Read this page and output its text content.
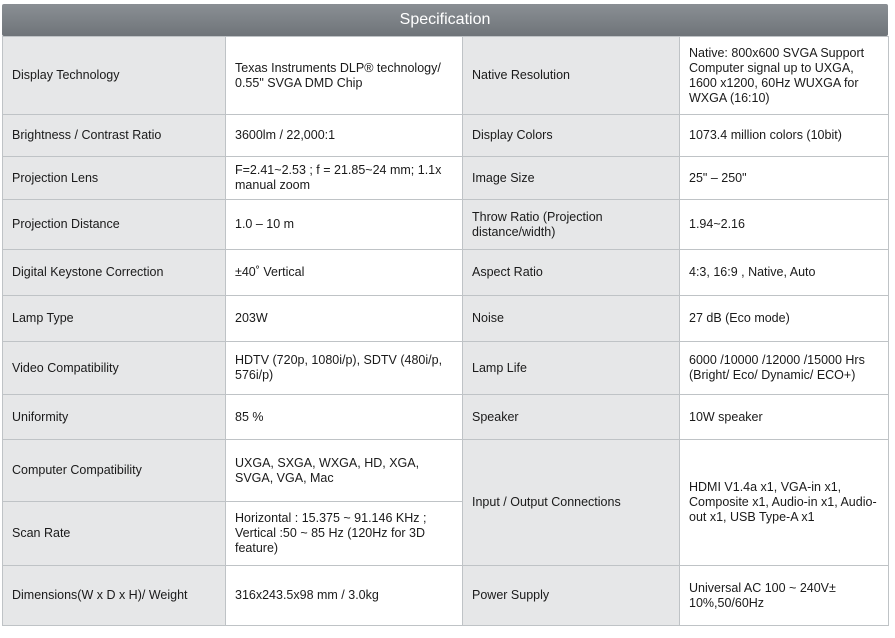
Specification
Display Technology	Texas Instruments DLP® technology/ 0.55" SVGA DMD Chip	Native Resolution	Native: 800x600 SVGA Support Computer signal up to UXGA, 1600 x1200, 60Hz WUXGA for WXGA (16:10)
Brightness / Contrast Ratio	3600lm / 22,000:1	Display Colors	1073.4 million colors (10bit)
Projection Lens	F=2.41~2.53 ; f = 21.85~24 mm; 1.1x manual zoom	Image Size	25" – 250"
Projection Distance	1.0 – 10 m	Throw Ratio (Projection distance/width)	1.94~2.16
Digital Keystone Correction	±40˚ Vertical	Aspect Ratio	4:3, 16:9 , Native, Auto
Lamp Type	203W	Noise	27 dB (Eco mode)
Video Compatibility	HDTV (720p, 1080i/p), SDTV (480i/p, 576i/p)	Lamp Life	6000 /10000 /12000 /15000 Hrs (Bright/ Eco/ Dynamic/ ECO+)
Uniformity	85 %	Speaker	10W speaker
Computer Compatibility	UXGA, SXGA, WXGA, HD, XGA, SVGA, VGA, Mac	Input / Output Connections	HDMI V1.4a x1, VGA-in x1, Composite x1, Audio-in x1, Audio-out x1, USB Type-A x1
Scan Rate	Horizontal : 15.375 ~ 91.146 KHz ; Vertical :50 ~ 85 Hz (120Hz for 3D feature)		
Dimensions(W x D x H)/ Weight	316x243.5x98 mm / 3.0kg	Power Supply	Universal AC 100 ~ 240V± 10%,50/60Hz
